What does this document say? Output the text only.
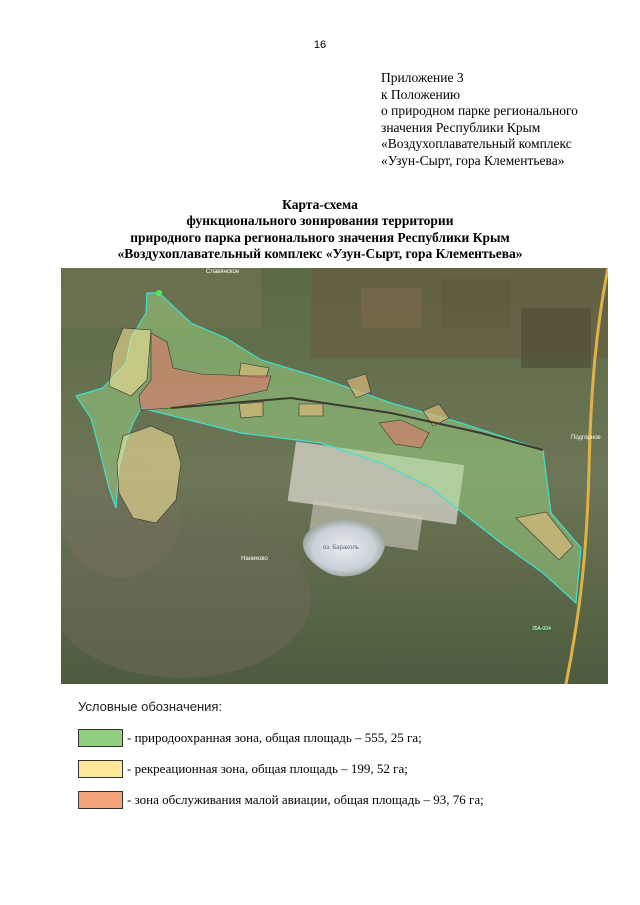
16
Приложение 3
к Положению
о природном парке регионального
значения Республики Крым
«Воздухоплавательный комплекс
«Узун-Сырт, гора Клементьева»
Карта-схема
функционального зонирования территории
природного парка регионального значения Республики Крым
«Воздухоплавательный комплекс «Узун-Сырт, гора Клементьева»
Славянское
Наниково
Подгорное
оз. Бараколь
35А-004
Условные обозначения:
- природоохранная зона, общая площадь – 555, 25 га;
- рекреационная зона, общая площадь – 199, 52 га;
- зона обслуживания малой авиации, общая площадь – 93, 76 га;
